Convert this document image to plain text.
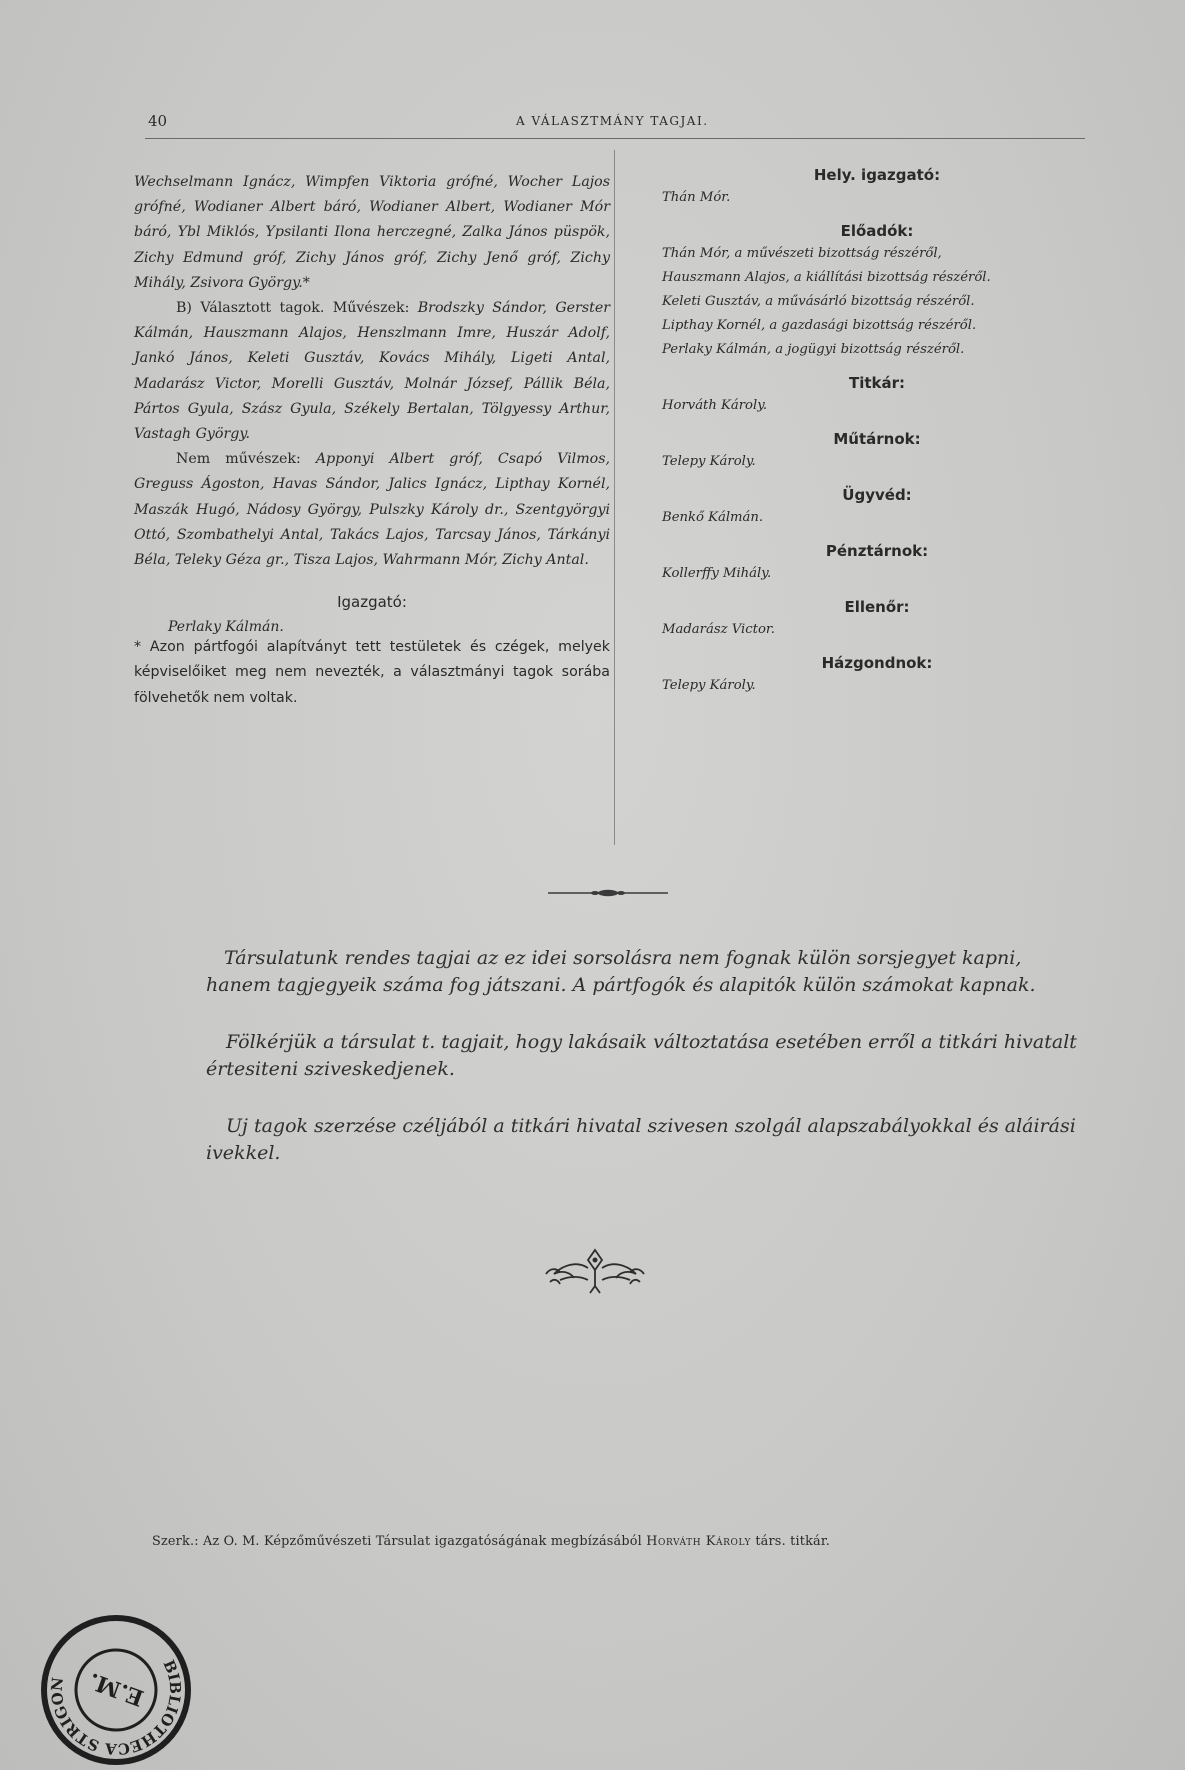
40	A VÁLASZTMÁNY TAGJAI.

Wechselmann Ignácz, Wimpfen Viktoria grófné, Wocher Lajos grófné, Wodianer Albert báró, Wodianer Albert, Wodianer Mór báró, Ybl Miklós, Ypsilanti Ilona herczegné, Zalka János püspök, Zichy Edmund gróf, Zichy János gróf, Zichy Jenő gróf, Zichy Mihály, Zsivora György.*

B) Választott tagok. Művészek: Brodszky Sándor, Gerster Kálmán, Hauszmann Alajos, Henszlmann Imre, Huszár Adolf, Jankó János, Keleti Gusztáv, Kovács Mihály, Ligeti Antal, Madarász Victor, Morelli Gusztáv, Molnár József, Pállik Béla, Pártos Gyula, Szász Gyula, Székely Bertalan, Tölgyessy Arthur, Vastagh György.

Nem művészek: Apponyi Albert gróf, Csapó Vilmos, Greguss Ágoston, Havas Sándor, Jalics Ignácz, Lipthay Kornél, Maszák Hugó, Nádosy György, Pulszky Károly dr., Szentgyörgyi Ottó, Szombathelyi Antal, Takács Lajos, Tarcsay János, Tárkányi Béla, Teleky Géza gr., Tisza Lajos, Wahrmann Mór, Zichy Antal.

Igazgató:
Perlaky Kálmán.

* Azon pártfogói alapítványt tett testületek és czégek, melyek képviselőiket meg nem nevezték, a választmányi tagok sorába fölvehetők nem voltak.

Hely. igazgató:

Thán Mór.

Előadók:

Thán Mór, a művészeti bizottság részéről,

Hauszmann Alajos, a kiállítási bizottság részéről.

Keleti Gusztáv, a művásárló bizottság részéről.

Lipthay Kornél, a gazdasági bizottság részéről.

Perlaky Kálmán, a jogügyi bizottság részéről.

Titkár:

Horváth Károly.

Műtárnok:

Telepy Károly.

Ügyvéd:

Benkő Kálmán.

Pénztárnok:

Kollerffy Mihály.

Ellenőr:

Madarász Victor.

Házgondnok:

Telepy Károly.

Társulatunk rendes tagjai az ez idei sorsolásra nem fognak külön sorsjegyet kapni, hanem tagjegyeik száma fog játszani. A pártfogók és alapitók külön számokat kapnak.

Fölkérjük a társulat t. tagjait, hogy lakásaik változtatása esetében erről a titkári hivatalt értesiteni sziveskedjenek.

Uj tagok szerzése czéljából a titkári hivatal szivesen szolgál alapszabályokkal és aláirási ivekkel.

Szerk.: Az O. M. Képzőművészeti Társulat igazgatóságának megbízásából Horváth Károly társ. titkár.
BIBLIOTHECA STRIGON E.M.
